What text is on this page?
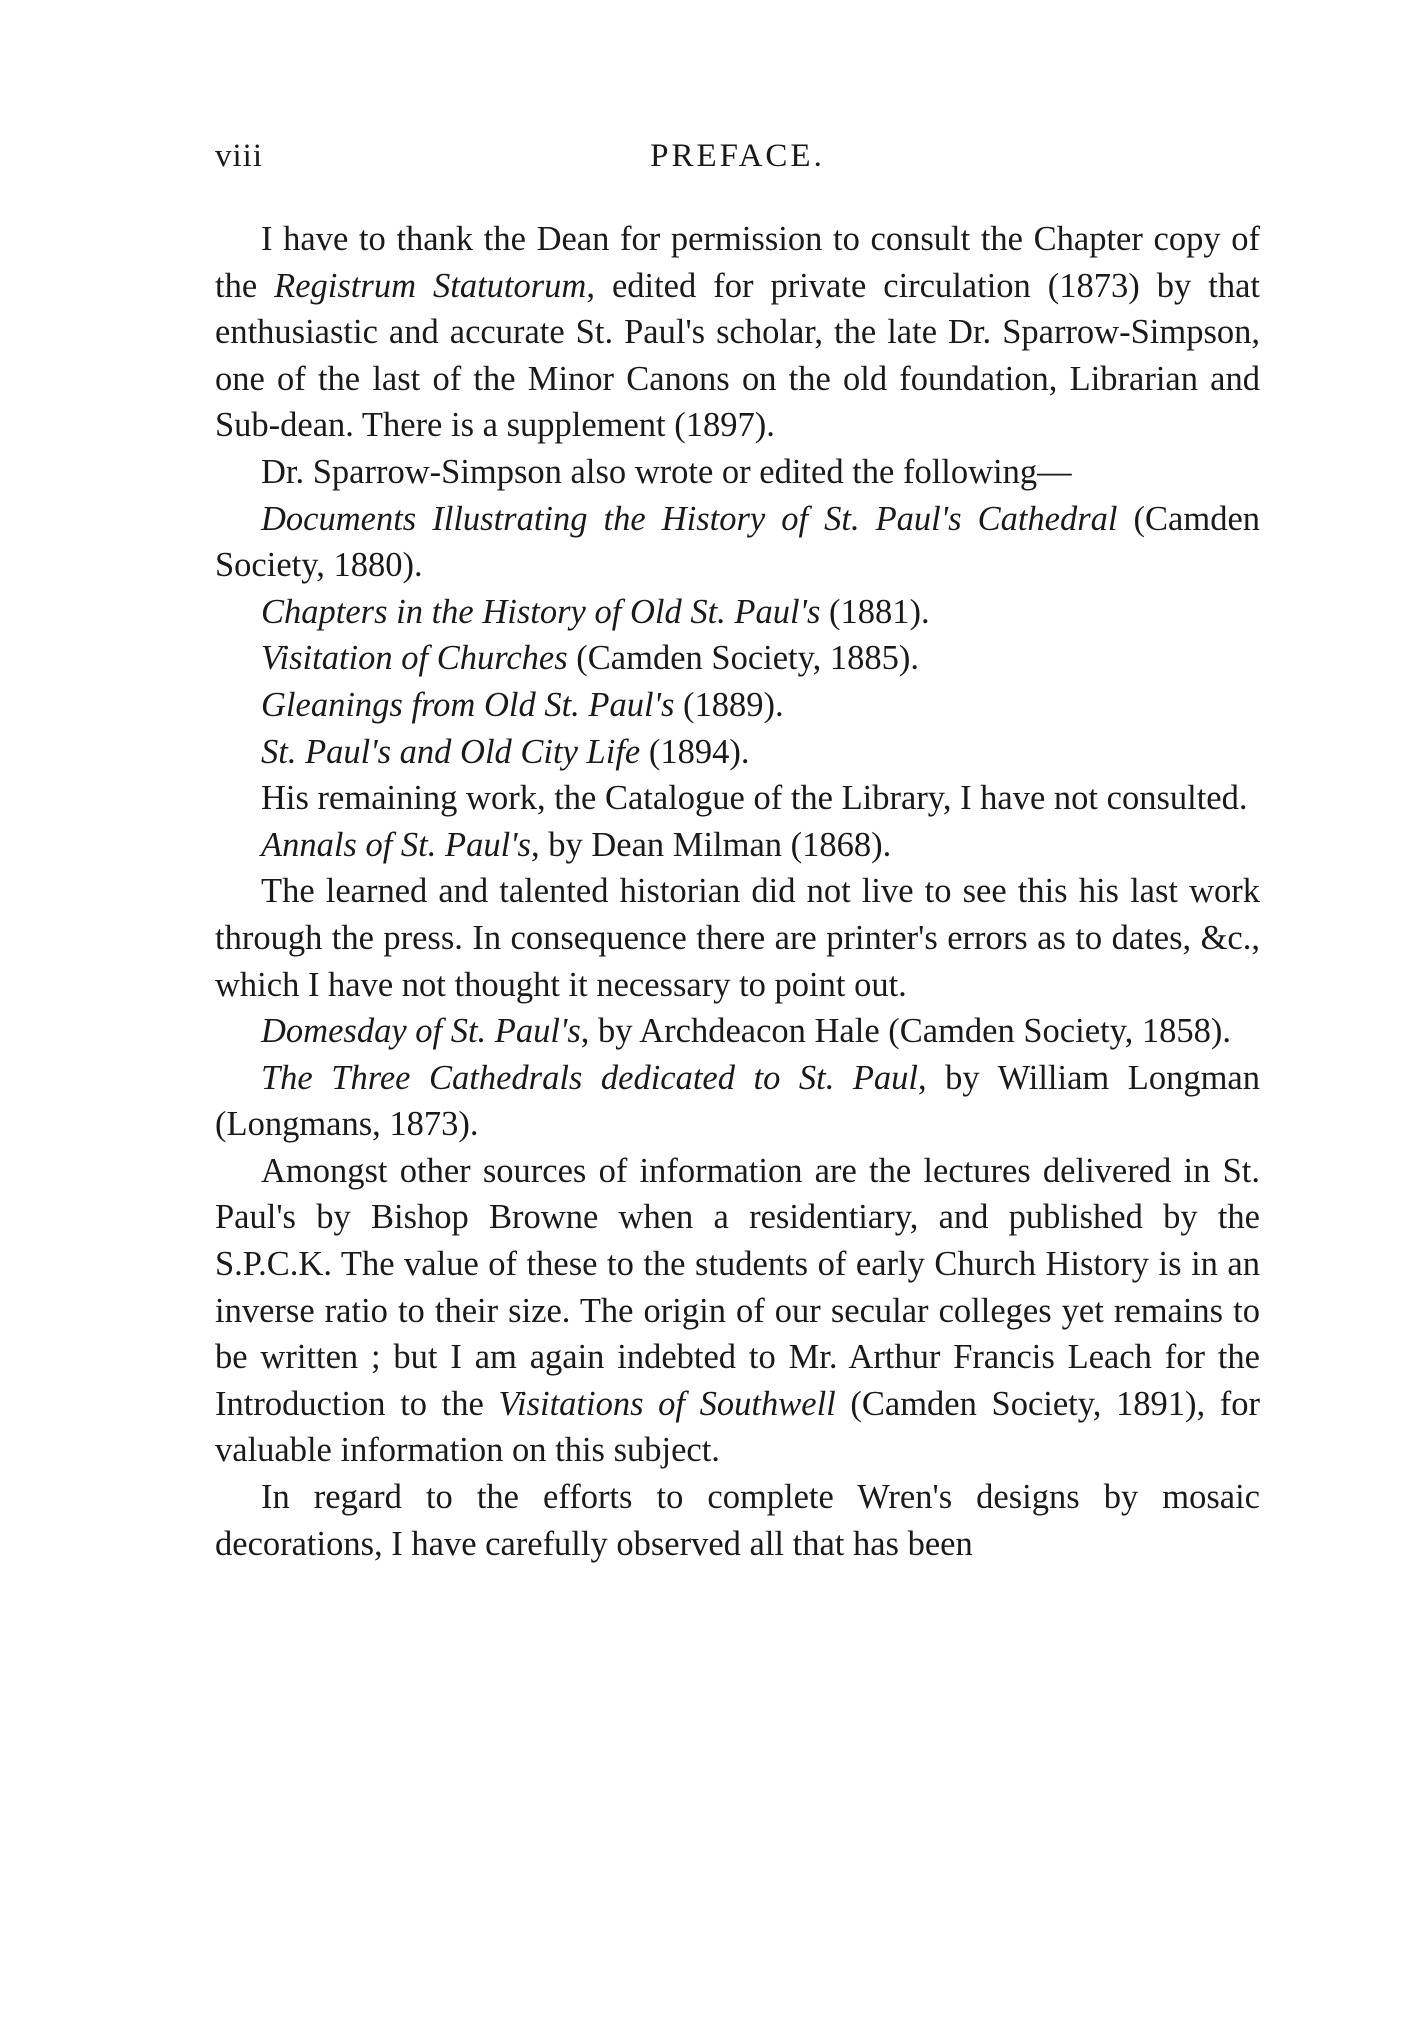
viii	PREFACE.

I have to thank the Dean for permission to consult the Chapter copy of the Registrum Statutorum, edited for private circulation (1873) by that enthusiastic and accurate St. Paul's scholar, the late Dr. Sparrow-Simpson, one of the last of the Minor Canons on the old foundation, Librarian and Sub-dean. There is a supplement (1897).

Dr. Sparrow-Simpson also wrote or edited the following—

Documents Illustrating the History of St. Paul's Cathedral (Camden Society, 1880).

Chapters in the History of Old St. Paul's (1881).

Visitation of Churches (Camden Society, 1885).

Gleanings from Old St. Paul's (1889).

St. Paul's and Old City Life (1894).

His remaining work, the Catalogue of the Library, I have not consulted.

Annals of St. Paul's, by Dean Milman (1868).

The learned and talented historian did not live to see this his last work through the press. In consequence there are printer's errors as to dates, &c., which I have not thought it necessary to point out.

Domesday of St. Paul's, by Archdeacon Hale (Camden Society, 1858).

The Three Cathedrals dedicated to St. Paul, by William Longman (Longmans, 1873).

Amongst other sources of information are the lectures delivered in St. Paul's by Bishop Browne when a residentiary, and published by the S.P.C.K. The value of these to the students of early Church History is in an inverse ratio to their size. The origin of our secular colleges yet remains to be written ; but I am again indebted to Mr. Arthur Francis Leach for the Introduction to the Visitations of Southwell (Camden Society, 1891), for valuable information on this subject.

In regard to the efforts to complete Wren's designs by mosaic decorations, I have carefully observed all that has been
